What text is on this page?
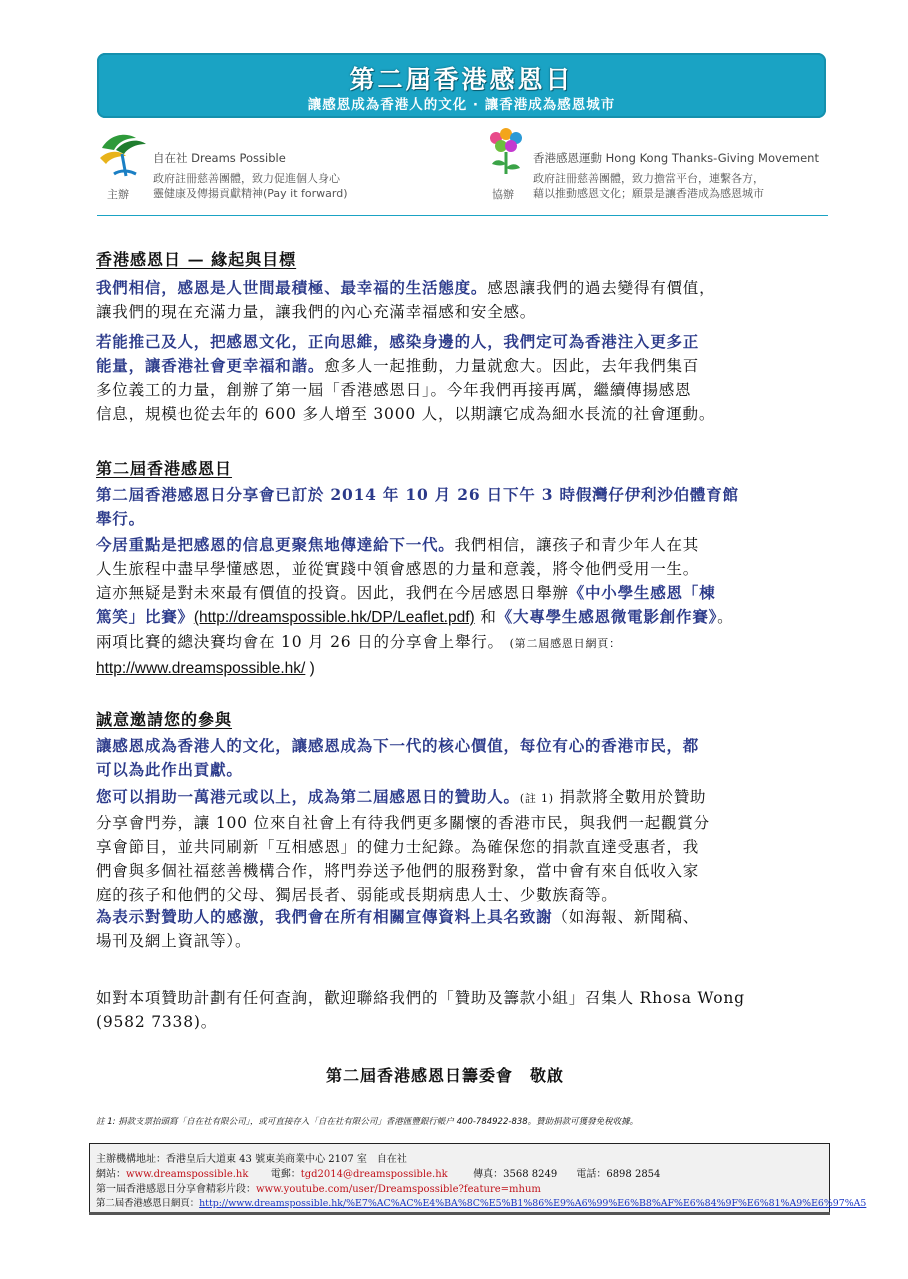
第二屆香港感恩日
讓感恩成為香港人的文化 · 讓香港成為感恩城市
自在社 Dreams Possible
政府註冊慈善團體，致力促進個人身心
靈健康及傳揚貢獻精神(Pay it forward)
主辦
香港感恩運動 Hong Kong Thanks-Giving Movement
政府註冊慈善團體，致力擔當平台，連繫各方，
藉以推動感恩文化；願景是讓香港成為感恩城市
協辦
香港感恩日 — 緣起與目標
我們相信，感恩是人世間最積極、最幸福的生活態度。感恩讓我們的過去變得有價值，
讓我們的現在充滿力量，讓我們的內心充滿幸福感和安全感。
若能推己及人，把感恩文化，正向思維，感染身邊的人，我們定可為香港注入更多正
能量，讓香港社會更幸福和諧。愈多人一起推動，力量就愈大。因此，去年我們集百
多位義工的力量，創辦了第一屆「香港感恩日」。今年我們再接再厲，繼續傳揚感恩
信息，規模也從去年的 600 多人增至 3000 人，以期讓它成為細水長流的社會運動。
第二屆香港感恩日
第二屆香港感恩日分享會已訂於 2014 年 10 月 26 日下午 3 時假灣仔伊利沙伯體育館
舉行。
今居重點是把感恩的信息更聚焦地傳達給下一代。我們相信，讓孩子和青少年人在其
人生旅程中盡早學懂感恩，並從實踐中領會感恩的力量和意義，將令他們受用一生。
這亦無疑是對未來最有價值的投資。因此，我們在今居感恩日舉辦《中小學生感恩「棟
篤笑」比賽》(http://dreamspossible.hk/DP/Leaflet.pdf) 和《大專學生感恩微電影創作賽》。
兩項比賽的總決賽均會在 10 月 26 日的分享會上舉行。 (第二屆感恩日網頁：
http://www.dreamspossible.hk/ )
誠意邀請您的參與
讓感恩成為香港人的文化，讓感恩成為下一代的核心價值，每位有心的香港市民，都
可以為此作出貢獻。
您可以捐助一萬港元或以上，成為第二屆感恩日的贊助人。(註 1) 捐款將全數用於贊助
分享會門券，讓 100 位來自社會上有待我們更多關懷的香港市民，與我們一起觀賞分
享會節目，並共同刷新「互相感恩」的健力士紀錄。為確保您的捐款直達受惠者，我
們會與多個社福慈善機構合作，將門券送予他們的服務對象，當中會有來自低收入家
庭的孩子和他們的父母、獨居長者、弱能或長期病患人士、少數族裔等。
為表示對贊助人的感激，我們會在所有相關宣傳資料上具名致謝（如海報、新聞稿、
場刊及網上資訊等）。
如對本項贊助計劃有任何查詢，歡迎聯絡我們的「贊助及籌款小組」召集人 Rhosa Wong
(9582 7338)。
第二屆香港感恩日籌委會　敬啟
註 1: 捐款支票抬頭寫「自在社有限公司」，或可直接存入「自在社有限公司」香港匯豐銀行帳户 400-784922-838。贊助捐款可獲發免稅收據。
主辦機構地址：香港皇后大道東 43 號東美商業中心 2107 室　自在社
網站：www.dreamspossible.hk 電郵：tgd2014@dreamspossible.hk	傳真：3568 8249 電話：6898 2854
第一屆香港感恩日分享會精彩片段：www.youtube.com/user/Dreamspossible?feature=mhum
第二屆香港感恩日網頁：http://www.dreamspossible.hk/%E7%AC%AC%E4%BA%8C%E5%B1%86%E9%A6%99%E6%B8%AF%E6%84%9F%E6%81%A9%E6%97%A5
